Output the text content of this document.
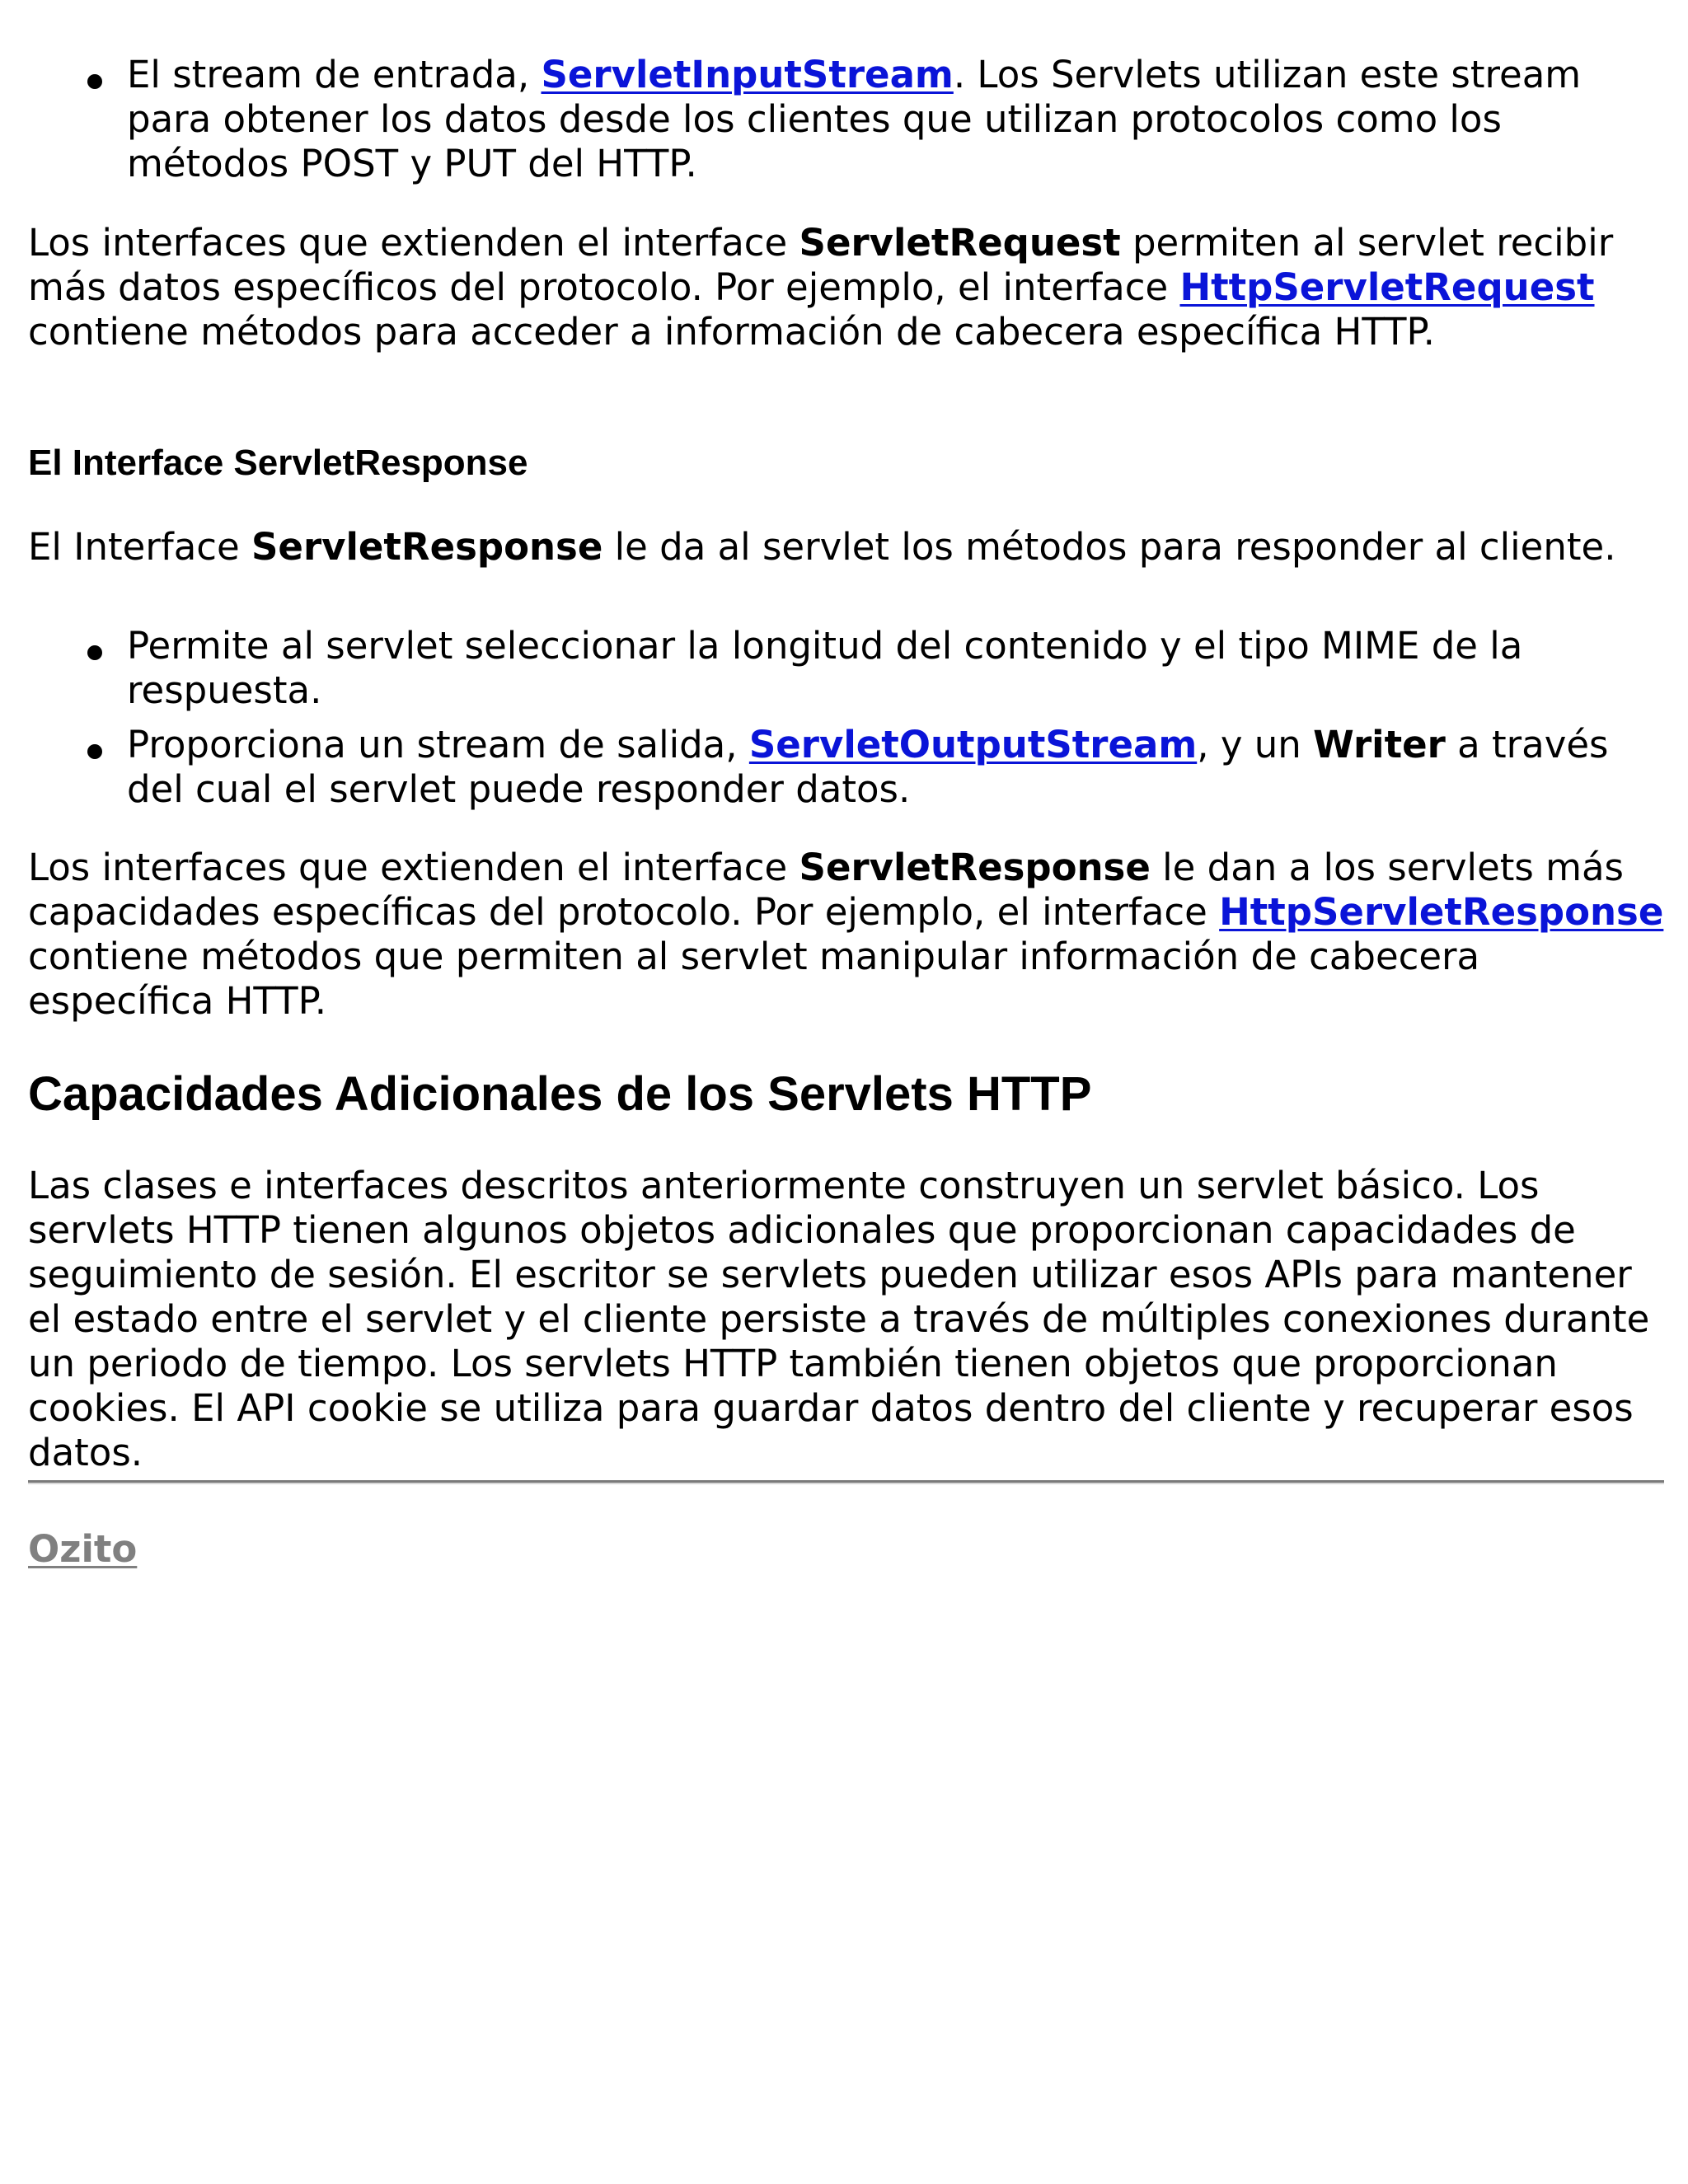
El stream de entrada, ServletInputStream. Los Servlets utilizan este stream para obtener los datos desde los clientes que utilizan protocolos como los métodos POST y PUT del HTTP.

Los interfaces que extienden el interface ServletRequest permiten al servlet recibir más datos específicos del protocolo. Por ejemplo, el interface HttpServletRequest contiene métodos para acceder a información de cabecera específica HTTP.

El Interface ServletResponse

El Interface ServletResponse le da al servlet los métodos para responder al cliente.

Permite al servlet seleccionar la longitud del contenido y el tipo MIME de la respuesta.
Proporciona un stream de salida, ServletOutputStream, y un Writer a través del cual el servlet puede responder datos.

Los interfaces que extienden el interface ServletResponse le dan a los servlets más capacidades específicas del protocolo. Por ejemplo, el interface HttpServletResponse contiene métodos que permiten al servlet manipular información de cabecera específica HTTP.

Capacidades Adicionales de los Servlets HTTP

Las clases e interfaces descritos anteriormente construyen un servlet básico. Los servlets HTTP tienen algunos objetos adicionales que proporcionan capacidades de seguimiento de sesión. El escritor se servlets pueden utilizar esos APIs para mantener el estado entre el servlet y el cliente persiste a través de múltiples conexiones durante un periodo de tiempo. Los servlets HTTP también tienen objetos que proporcionan cookies. El API cookie se utiliza para guardar datos dentro del cliente y recuperar esos datos.

Ozito
